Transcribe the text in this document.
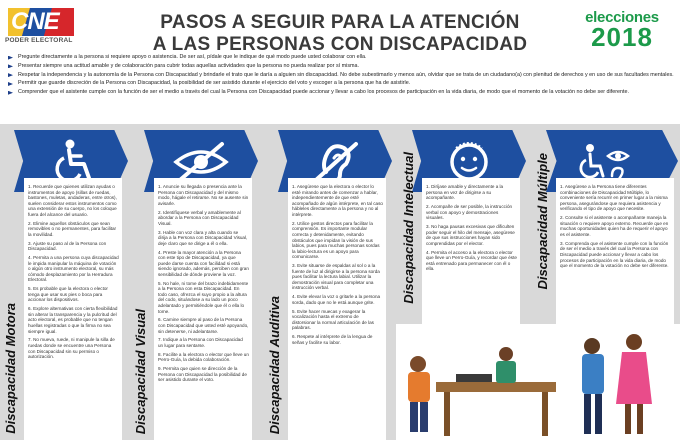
CNE
PODER ELECTORAL
PASOS A SEGUIR PARA LA ATENCIÓN
A LAS PERSONAS CON DISCAPACIDAD
elecciones
2018
Pregunte directamente a la persona si requiere apoyo o asistencia. De ser así, pídale que le indique de qué modo puede usted colaborar con ella.
Presentar siempre una actitud amable y de colaboración para cubrir todas aquellas actividades que la persona no pueda realizar por sí misma.
Respetar la independencia y la autonomía de la Persona con Discapacidad y brindarle el trato que le daría a alguien sin discapacidad. No debe subestimarlo y menos aún, olvidar que se trata de un ciudadano(a) con plenitud de derechos y en uso de sus facultades mentales.
Permitir que guarde discreción de la Persona con Discapacidad, la posibilidad de ser asistido durante el ejercicio del voto y escoger a la persona que ha de asistirle.
Comprender que el asistente cumple con la función de ser el medio a través del cual la Persona con Discapacidad puede accionar y llevar a cabo los procesos de participación en la vida diaria, de modo que el momento de la votación no debe ser diferente.

1. Recuerde que quienes utilizan ayudas o instrumentos de apoyo (sillas de ruedas, bastones, muletas, andaderas, entre otros), suelen considerar estos instrumentos como una extensión de su cuerpo, no los coloque fuera del alcance del usuario.

2. Elimine aquellos obstáculos que sean removibles o no permanentes, para facilitar la movilidad.

3. Ajuste su paso al de la Persona con Discapacidad.

4. Permita a una persona cuya discapacidad le impida manipular la máquina de votación o algún otro instrumento electoral, su más cómodo desplazamiento por la Herradura Electoral.

5. Es probable que la electora o elector tenga que usar sus pies o boca para accionar los dispositivos.

6. Explore alternativas con cierta flexibilidad sin alterar la transparencia y la pulcritud del acto electoral, es probable que no tengan huellas registradas o que la firma no sea siempre igual.

7. No mueva, ruede, ni manipule la silla de ruedas donde se encuentre una Persona con Discapacidad sin su permiso o autorización.

Discapacidad Motora

1. Anuncie su llegada o presencia ante la Persona con Discapacidad y del mismo modo, hágale el retirarse. No se ausente sin avisarle.

2. Identifíquese verbal y amablemente al abordar a la Persona con Discapacidad Visual.

3. Hable con voz clara y alta cuando se dirija a la Persona con Discapacidad Visual, deje claro que se dirige a él o ella.

4. Preste la mayor atención a la Persona con este tipo de Discapacidad, ya que puede darse cuenta con facilidad si está siendo ignorado, además, perciben con gran sensibilidad de dónde proviene la voz.

5. No hale, ni tome del brazo indebidamente a la Persona con esta Discapacidad. En todo caso, ofrezca el suyo propio a la altura del codo, situándose a su lado un poco adelantado y permitiéndole que él o ella lo tome.

6. Camine siempre al paso de la Persona con Discapacidad que usted esté apoyando, sin detenerse, ni adelantarse.

7. Indique a la Persona con Discapacidad un lugar para sentarse.

8. Facilite a la electora o elector que lleve un Perro-Guía, la debida colaboración.

9. Permita que quien se dirección de la Persona con Discapacidad la posibilidad de ser asistido durante el voto.

Discapacidad Visual

1. Asegúrese que la electora o elector lo esté mirando antes de comenzar a hablar, independientemente de que esté acompañado de algún intérprete, en tal caso hábleles directamente a la persona y no al intérprete.

2. Utilice gestos directos para facilitar la comprensión. Es importante modular correcta y detenidamente, evitando obstáculos que impidan la visión de sus labios, pues para muchas personas sordas la labio-lectura es un apoyo para comunicarse.

3. Evite situarse de espaldas al sol o a la fuente de luz al dirigirse a la persona sorda pues facilitar la lectura labial. Utilizar la demostración visual para completar una instrucción verbal.

4. Evite elevar la voz o gritarle a la persona sorda, dado que no le está aunque grite.

5. Evite hacer muecas y exagerar la vocalización hasta el extremo de distorsionar la normal articulación de las palabras.

6. Respete al intérprete de la lengua de señas y facilite su labor.

Discapacidad Auditiva

1. Diríjase amable y directamente a la persona en vez de dirigirse a su acompañante.

2. Acompañe de ser posible, la instrucción verbal con apoyo y demostraciones visuales.

3. No haga pausas excesivas que dificulten poder seguir el hilo del mensaje, asegúrese de que sus instrucciones hayan sido comprendidas por el elector.

4. Permita el acceso a la electora o elector que lleve un Perro-Guía, y recordar que éste está entrenado para permanecer con él o ella.

Discapacidad Intelectual	1. Asegúrese a la Persona tiene diferentes combinaciones de Discapacidad Múltiple, lo conveniente sería recurrir en primer lugar a la misma persona, asegurándose que requiera asistencia y verificando el tipo de apoyo que necesite.

2. Consulte si el asistente o acompañante maneja la situación o requiere apoyo externo. Recuerde que en muchas oportunidades quien ha de requerir el apoyo es el asistente.

3. Comprenda que el asistente cumple con la función de ser el medio a través del cual la Persona con Discapacidad puede accionar y llevar a cabo los procesos de participación en la vida diaria, de modo que el momento de la votación no debe ser diferente.

Discapacidad Múltiple
